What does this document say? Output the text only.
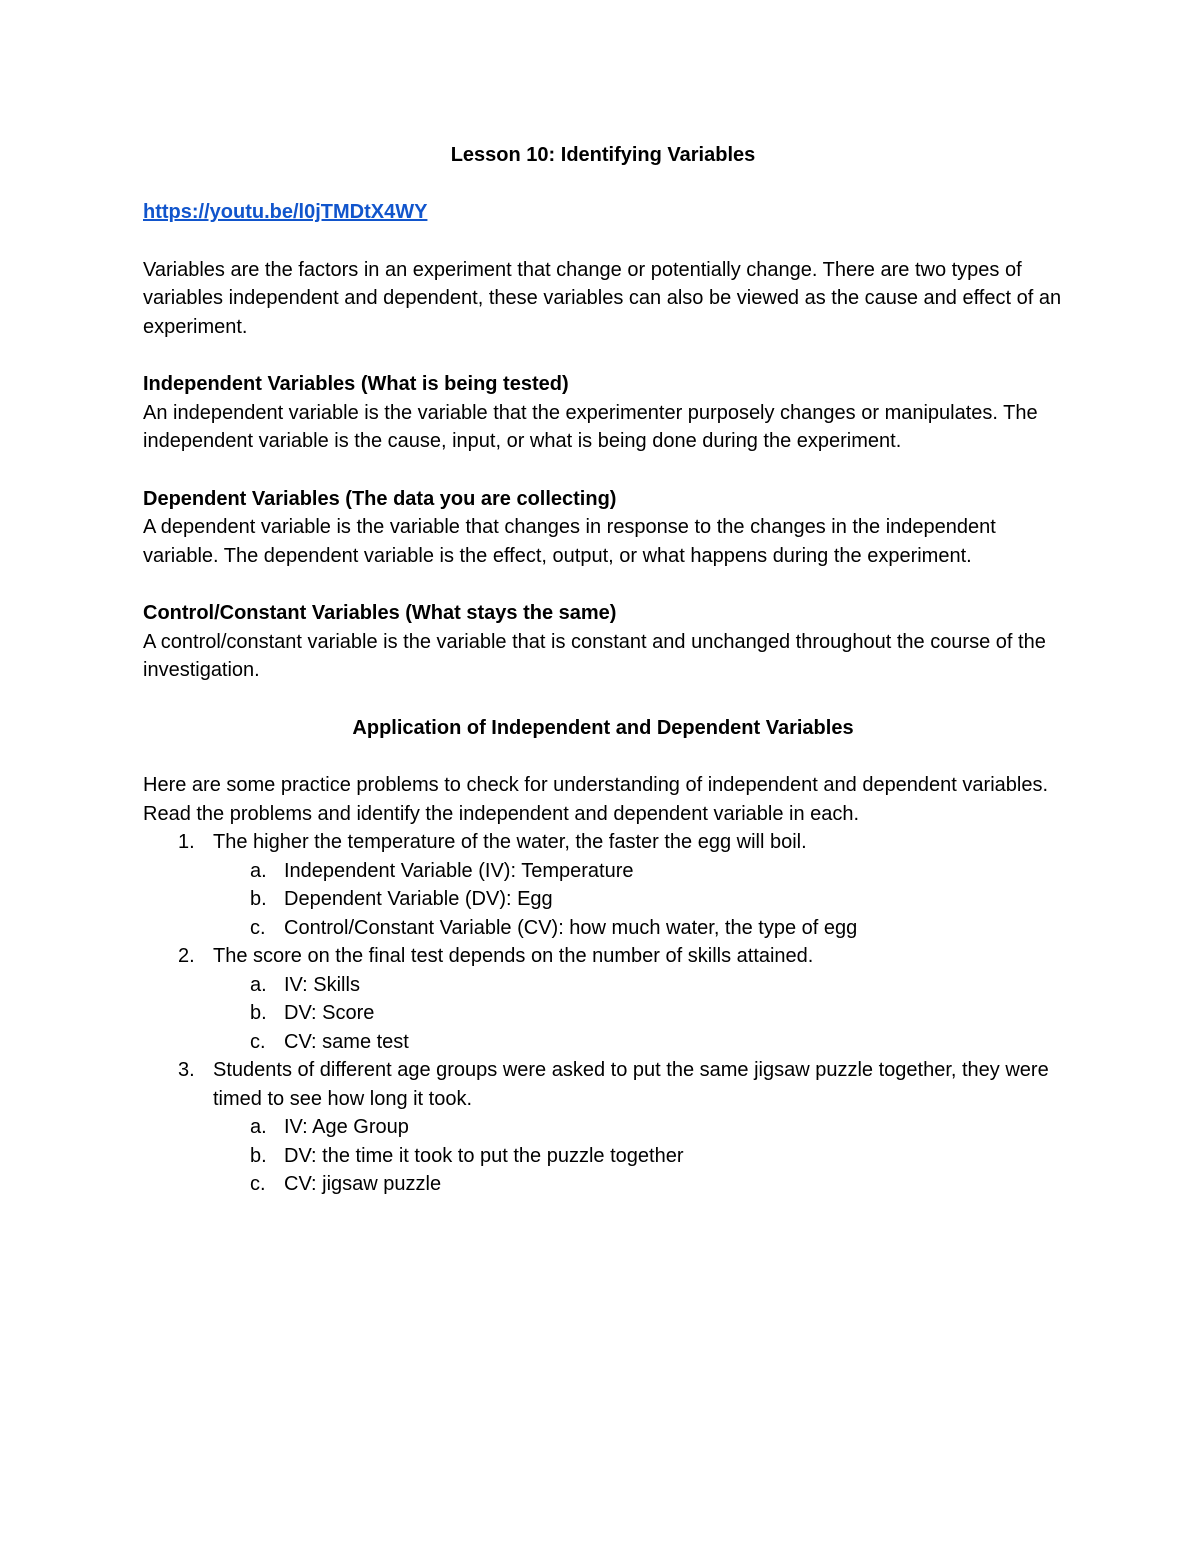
Lesson 10: Identifying Variables

https://youtu.be/l0jTMDtX4WY

Variables are the factors in an experiment that change or potentially change. There are two types of variables independent and dependent, these variables can also be viewed as the cause and effect of an experiment.

Independent Variables (What is being tested)

An independent variable is the variable that the experimenter purposely changes or manipulates. The independent variable is the cause, input, or what is being done during the experiment.

Dependent Variables (The data you are collecting)

A dependent variable is the variable that changes in response to the changes in the independent variable. The dependent variable is the effect, output, or what happens during the experiment.

Control/Constant Variables (What stays the same)

A control/constant variable is the variable that is constant and unchanged throughout the course of the investigation.

Application of Independent and Dependent Variables

Here are some practice problems to check for understanding of independent and dependent variables. Read the problems and identify the independent and dependent variable in each.

1. The higher the temperature of the water, the faster the egg will boil.
a. Independent Variable (IV): Temperature
b. Dependent Variable (DV): Egg
c. Control/Constant Variable (CV): how much water, the type of egg
2. The score on the final test depends on the number of skills attained.
a. IV: Skills
b. DV: Score
c. CV: same test
3. Students of different age groups were asked to put the same jigsaw puzzle together, they were timed to see how long it took.
a. IV: Age Group
b. DV: the time it took to put the puzzle together
c. CV: jigsaw puzzle
